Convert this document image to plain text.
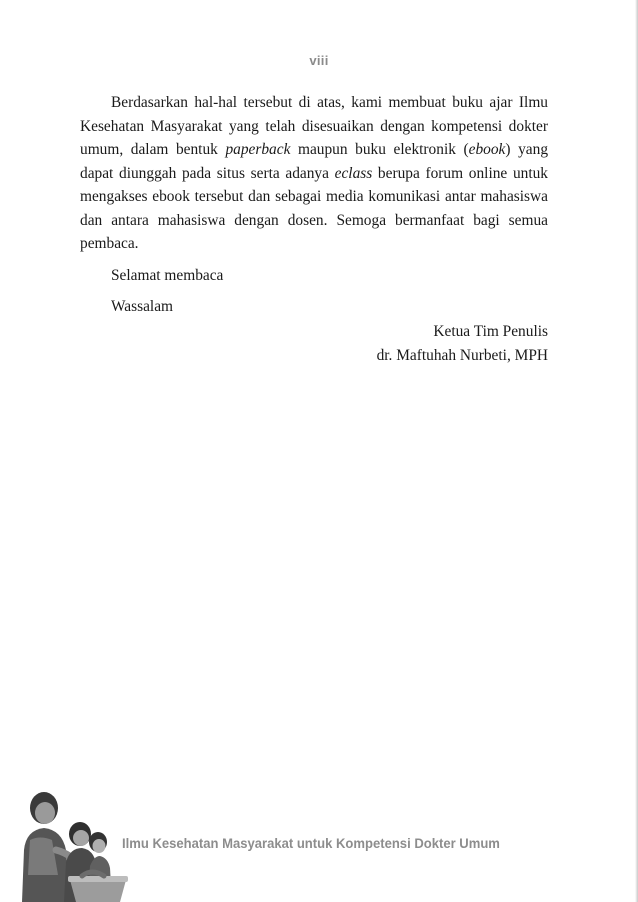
viii

Berdasarkan hal-hal tersebut di atas, kami membuat buku ajar Ilmu Kesehatan Masyarakat yang telah disesuaikan dengan kompetensi dokter umum, dalam bentuk paperback maupun buku elektronik (ebook) yang dapat diunggah pada situs serta adanya eclass berupa forum online untuk mengakses ebook tersebut dan sebagai media komunikasi antar mahasiswa dan antara mahasiswa dengan dosen. Semoga bermanfaat bagi semua pembaca.

Selamat membaca

Wassalam

Ketua Tim Penulis
dr. Maftuhah Nurbeti, MPH
Ilmu Kesehatan Masyarakat untuk Kompetensi Dokter Umum
